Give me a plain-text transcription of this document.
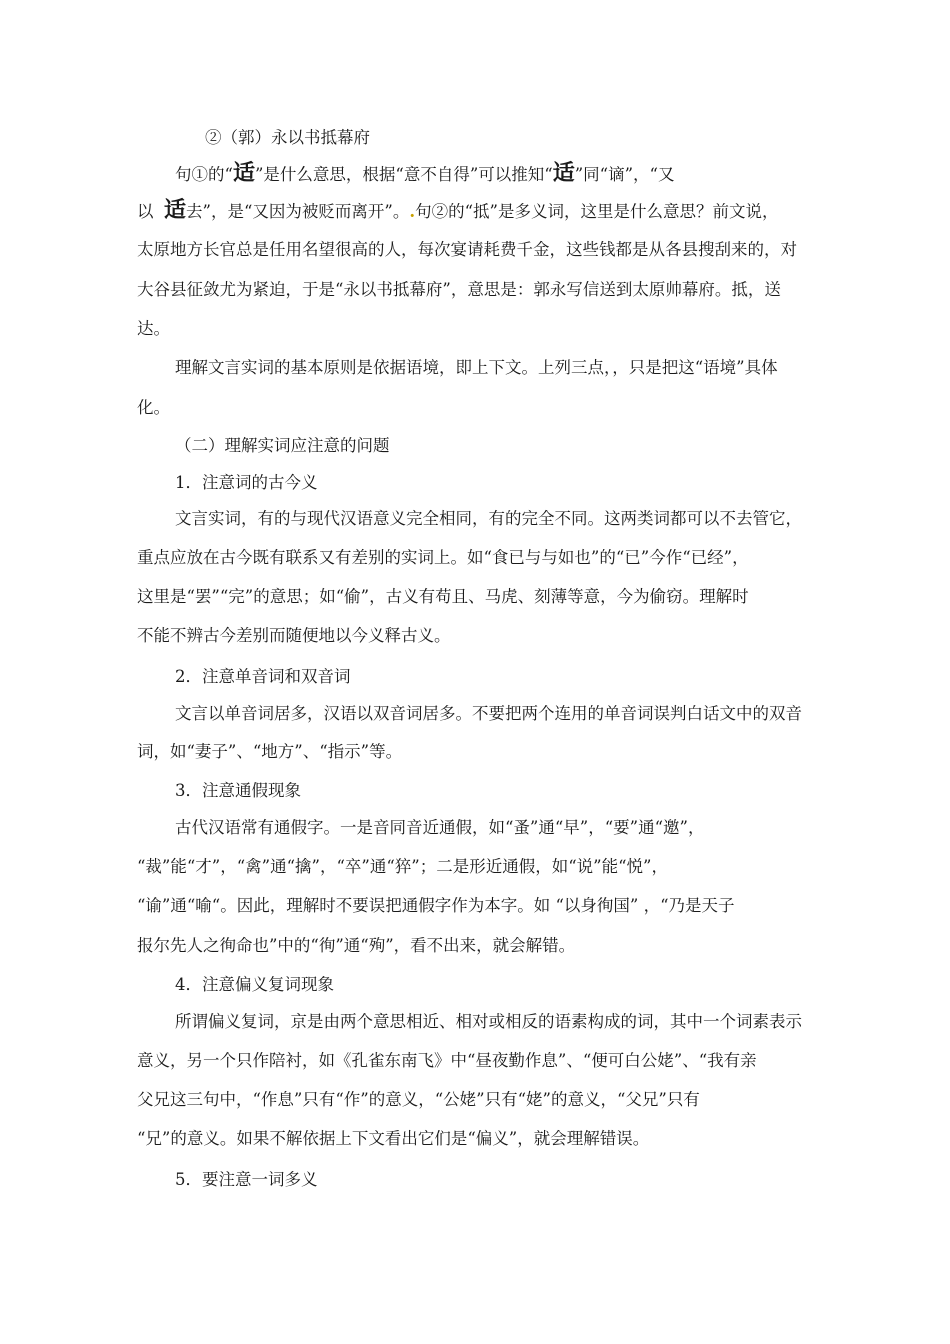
②（郭）永以书抵幕府
句①的“适”是什么意思，根据“意不自得”可以推知“适”同“谪”，“又
以 适去”，是“又因为被贬而离开”。.句②的“抵”是多义词，这里是什么意思？前文说，
太原地方长官总是任用名望很高的人，每次宴请耗费千金，这些钱都是从各县搜刮来的，对
大谷县征敛尤为紧迫，于是“永以书抵幕府”，意思是：郭永写信送到太原帅幕府。抵，送
达。
理解文言实词的基本原则是依据语境，即上下文。上列三点，，只是把这“语境”具体
化。
（二）理解实词应注意的问题
1．注意词的古今义
文言实词，有的与现代汉语意义完全相同，有的完全不同。这两类词都可以不去管它，
重点应放在古今既有联系又有差别的实词上。如“食已与与如也”的“已”今作“已经”，
这里是“罢”“完”的意思；如“偷”，古义有苟且、马虎、刻薄等意，今为偷窃。理解时
不能不辨古今差别而随便地以今义释古义。
2．注意单音词和双音词
文言以单音词居多，汉语以双音词居多。不要把两个连用的单音词误判白话文中的双音
词，如“妻子”、“地方”、“指示”等。
3．注意通假现象
古代汉语常有通假字。一是音同音近通假，如“蚤”通“早”，“要”通“邀”，
“裁”能“才”，“禽”通“擒”，“卒”通“猝”；二是形近通假，如“说”能“悦”，
“谕”通“喻“。因此，理解时不要误把通假字作为本字。如 “以身徇国” ，“乃是天子
报尔先人之徇命也”中的“徇”通“殉”，看不出来，就会解错。
4．注意偏义复词现象
所谓偏义复词，京是由两个意思相近、相对或相反的语素构成的词，其中一个词素表示
意义，另一个只作陪衬，如《孔雀东南飞》中“昼夜勤作息”、“便可白公姥”、“我有亲
父兄这三句中，“作息”只有“作”的意义，“公姥”只有“姥”的意义，“父兄”只有
“兄”的意义。如果不解依据上下文看出它们是“偏义”，就会理解错误。
5．要注意一词多义
